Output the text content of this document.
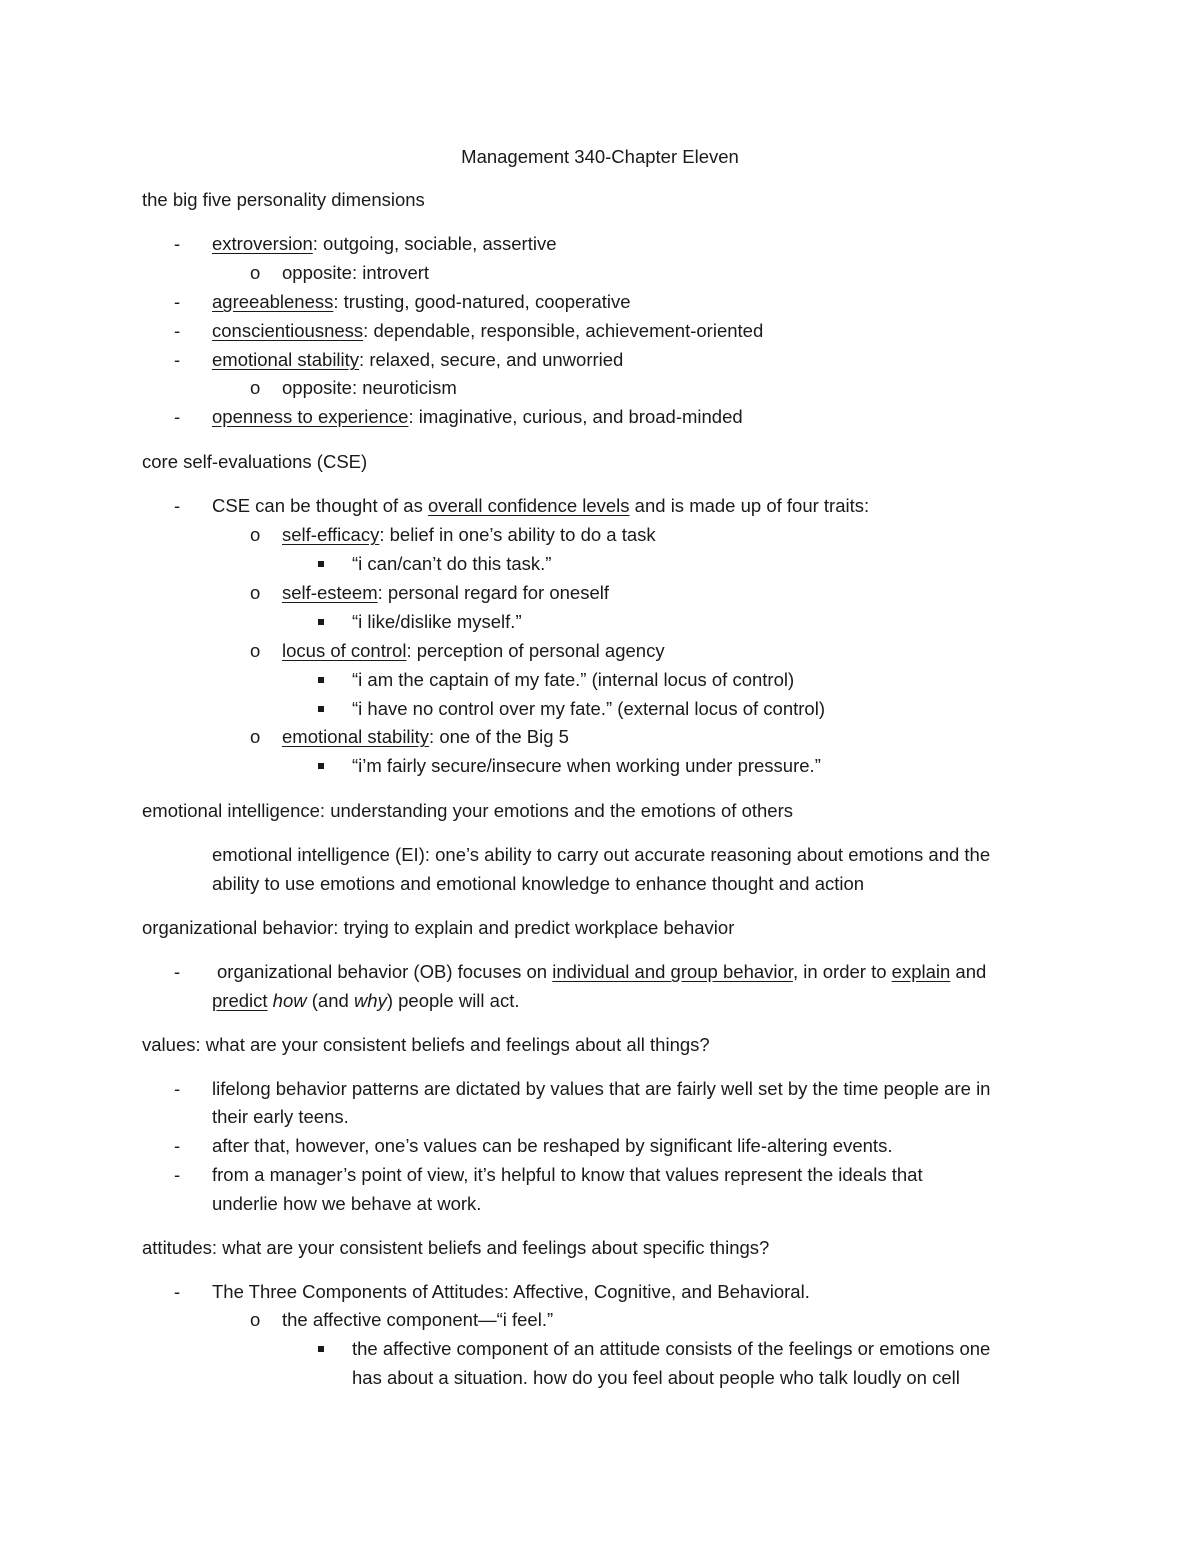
Management 340-Chapter Eleven
the big five personality dimensions
- extroversion: outgoing, sociable, assertive
o opposite: introvert
- agreeableness: trusting, good-natured, cooperative
- conscientiousness: dependable, responsible, achievement-oriented
- emotional stability: relaxed, secure, and unworried
o opposite: neuroticism
- openness to experience: imaginative, curious, and broad-minded
core self-evaluations (CSE)
- CSE can be thought of as overall confidence levels and is made up of four traits:
o self-efficacy: belief in one’s ability to do a task
“i can/can’t do this task.”
o self-esteem: personal regard for oneself
“i like/dislike myself.”
o locus of control: perception of personal agency
“i am the captain of my fate.” (internal locus of control)
“i have no control over my fate.” (external locus of control)
o emotional stability: one of the Big 5
“i’m fairly secure/insecure when working under pressure.”
emotional intelligence: understanding your emotions and the emotions of others
emotional intelligence (EI): one’s ability to carry out accurate reasoning about emotions and the
ability to use emotions and emotional knowledge to enhance thought and action
organizational behavior: trying to explain and predict workplace behavior
- organizational behavior (OB) focuses on individual and group behavior, in order to explain and
predict how (and why) people will act.
values: what are your consistent beliefs and feelings about all things?
- lifelong behavior patterns are dictated by values that are fairly well set by the time people are in
their early teens.
- after that, however, one’s values can be reshaped by significant life-altering events.
- from a manager’s point of view, it’s helpful to know that values represent the ideals that
underlie how we behave at work.
attitudes: what are your consistent beliefs and feelings about specific things?
- The Three Components of Attitudes: Affective, Cognitive, and Behavioral.
o the affective component—“i feel.”
the affective component of an attitude consists of the feelings or emotions one
has about a situation. how do you feel about people who talk loudly on cell
